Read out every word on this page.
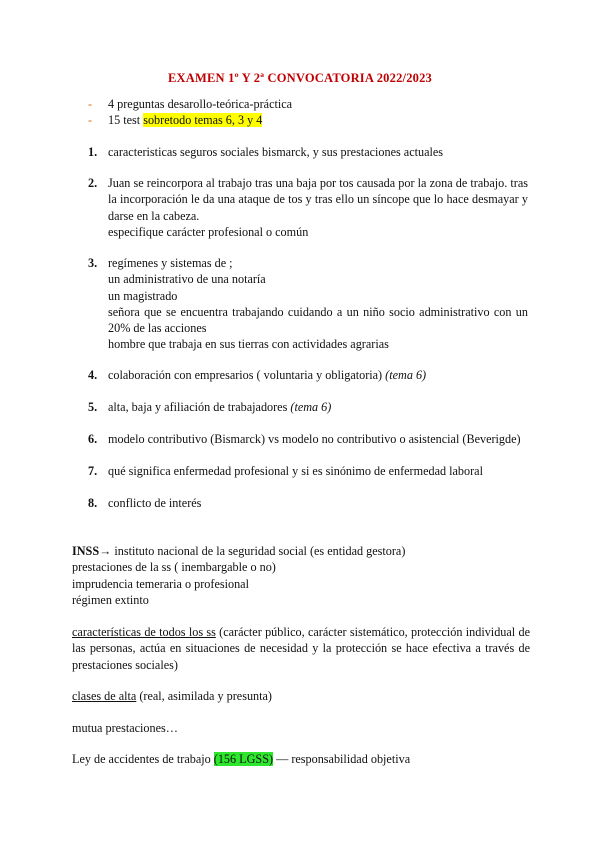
EXAMEN 1º Y 2ª CONVOCATORIA 2022/2023
- 4 preguntas desarollo-teórica-práctica
- 15 test sobretodo temas 6, 3 y 4
1. caracteristicas seguros sociales bismarck, y sus prestaciones actuales
2. Juan se reincorpora al trabajo tras una baja por tos causada por la zona de trabajo. tras la incorporación le da una ataque de tos y tras ello un síncope que lo hace desmayar y darse en la cabeza.
especifique carácter profesional o común
3. regímenes y sistemas de ;
un administrativo de una notaría
un magistrado
señora que se encuentra trabajando cuidando a un niño socio administrativo con un 20% de las acciones
hombre que trabaja en sus tierras con actividades agrarias
4. colaboración con empresarios ( voluntaria y obligatoria) (tema 6)
5. alta, baja y afiliación de trabajadores (tema 6)
6. modelo contributivo (Bismarck) vs modelo no contributivo o asistencial (Beverigde)
7. qué significa enfermedad profesional y si es sinónimo de enfermedad laboral
8. conflicto de interés
INSS→ instituto nacional de la seguridad social (es entidad gestora)
prestaciones de la ss ( inembargable o no)
imprudencia temeraria o profesional
régimen extinto
características de todos los ss (carácter público, carácter sistemático, protección individual de las personas, actúa en situaciones de necesidad y la protección se hace efectiva a través de prestaciones sociales)
clases de alta (real, asimilada y presunta)
mutua prestaciones…
Ley de accidentes de trabajo (156 LGSS) — responsabilidad objetiva
